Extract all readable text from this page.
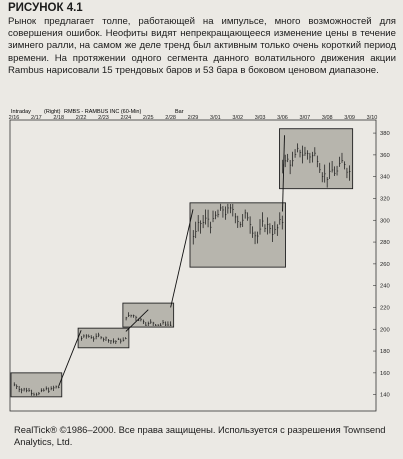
РИСУНОК 4.1
Рынок предлагает толпе, работающей на импульсе, много возможностей для совершения ошибок. Неофиты видят непрекращающееся изменение цены в течение зимнего ралли, на самом же деле тренд был активным только очень короткий период времени. На протяжении одного сегмента данного волатильного движения акции Rambus нарисовали 15 трендовых баров и 53 бара в боковом ценовом диапазоне.
Intraday (Right) RMBS - RAMBUS INC (60-Min)	Bar
2/16 2/17 2/18 2/22 2/23 2/24 2/25 2/28 2/29 3/01 3/02 3/03 3/06 3/07 3/08 3/09 3/10
140
160
180
200
220
240
260
280
300
320
340
360
380
RealTick® ©1986–2000. Все права защищены. Используется с разрешения Townsend Analytics, Ltd.
